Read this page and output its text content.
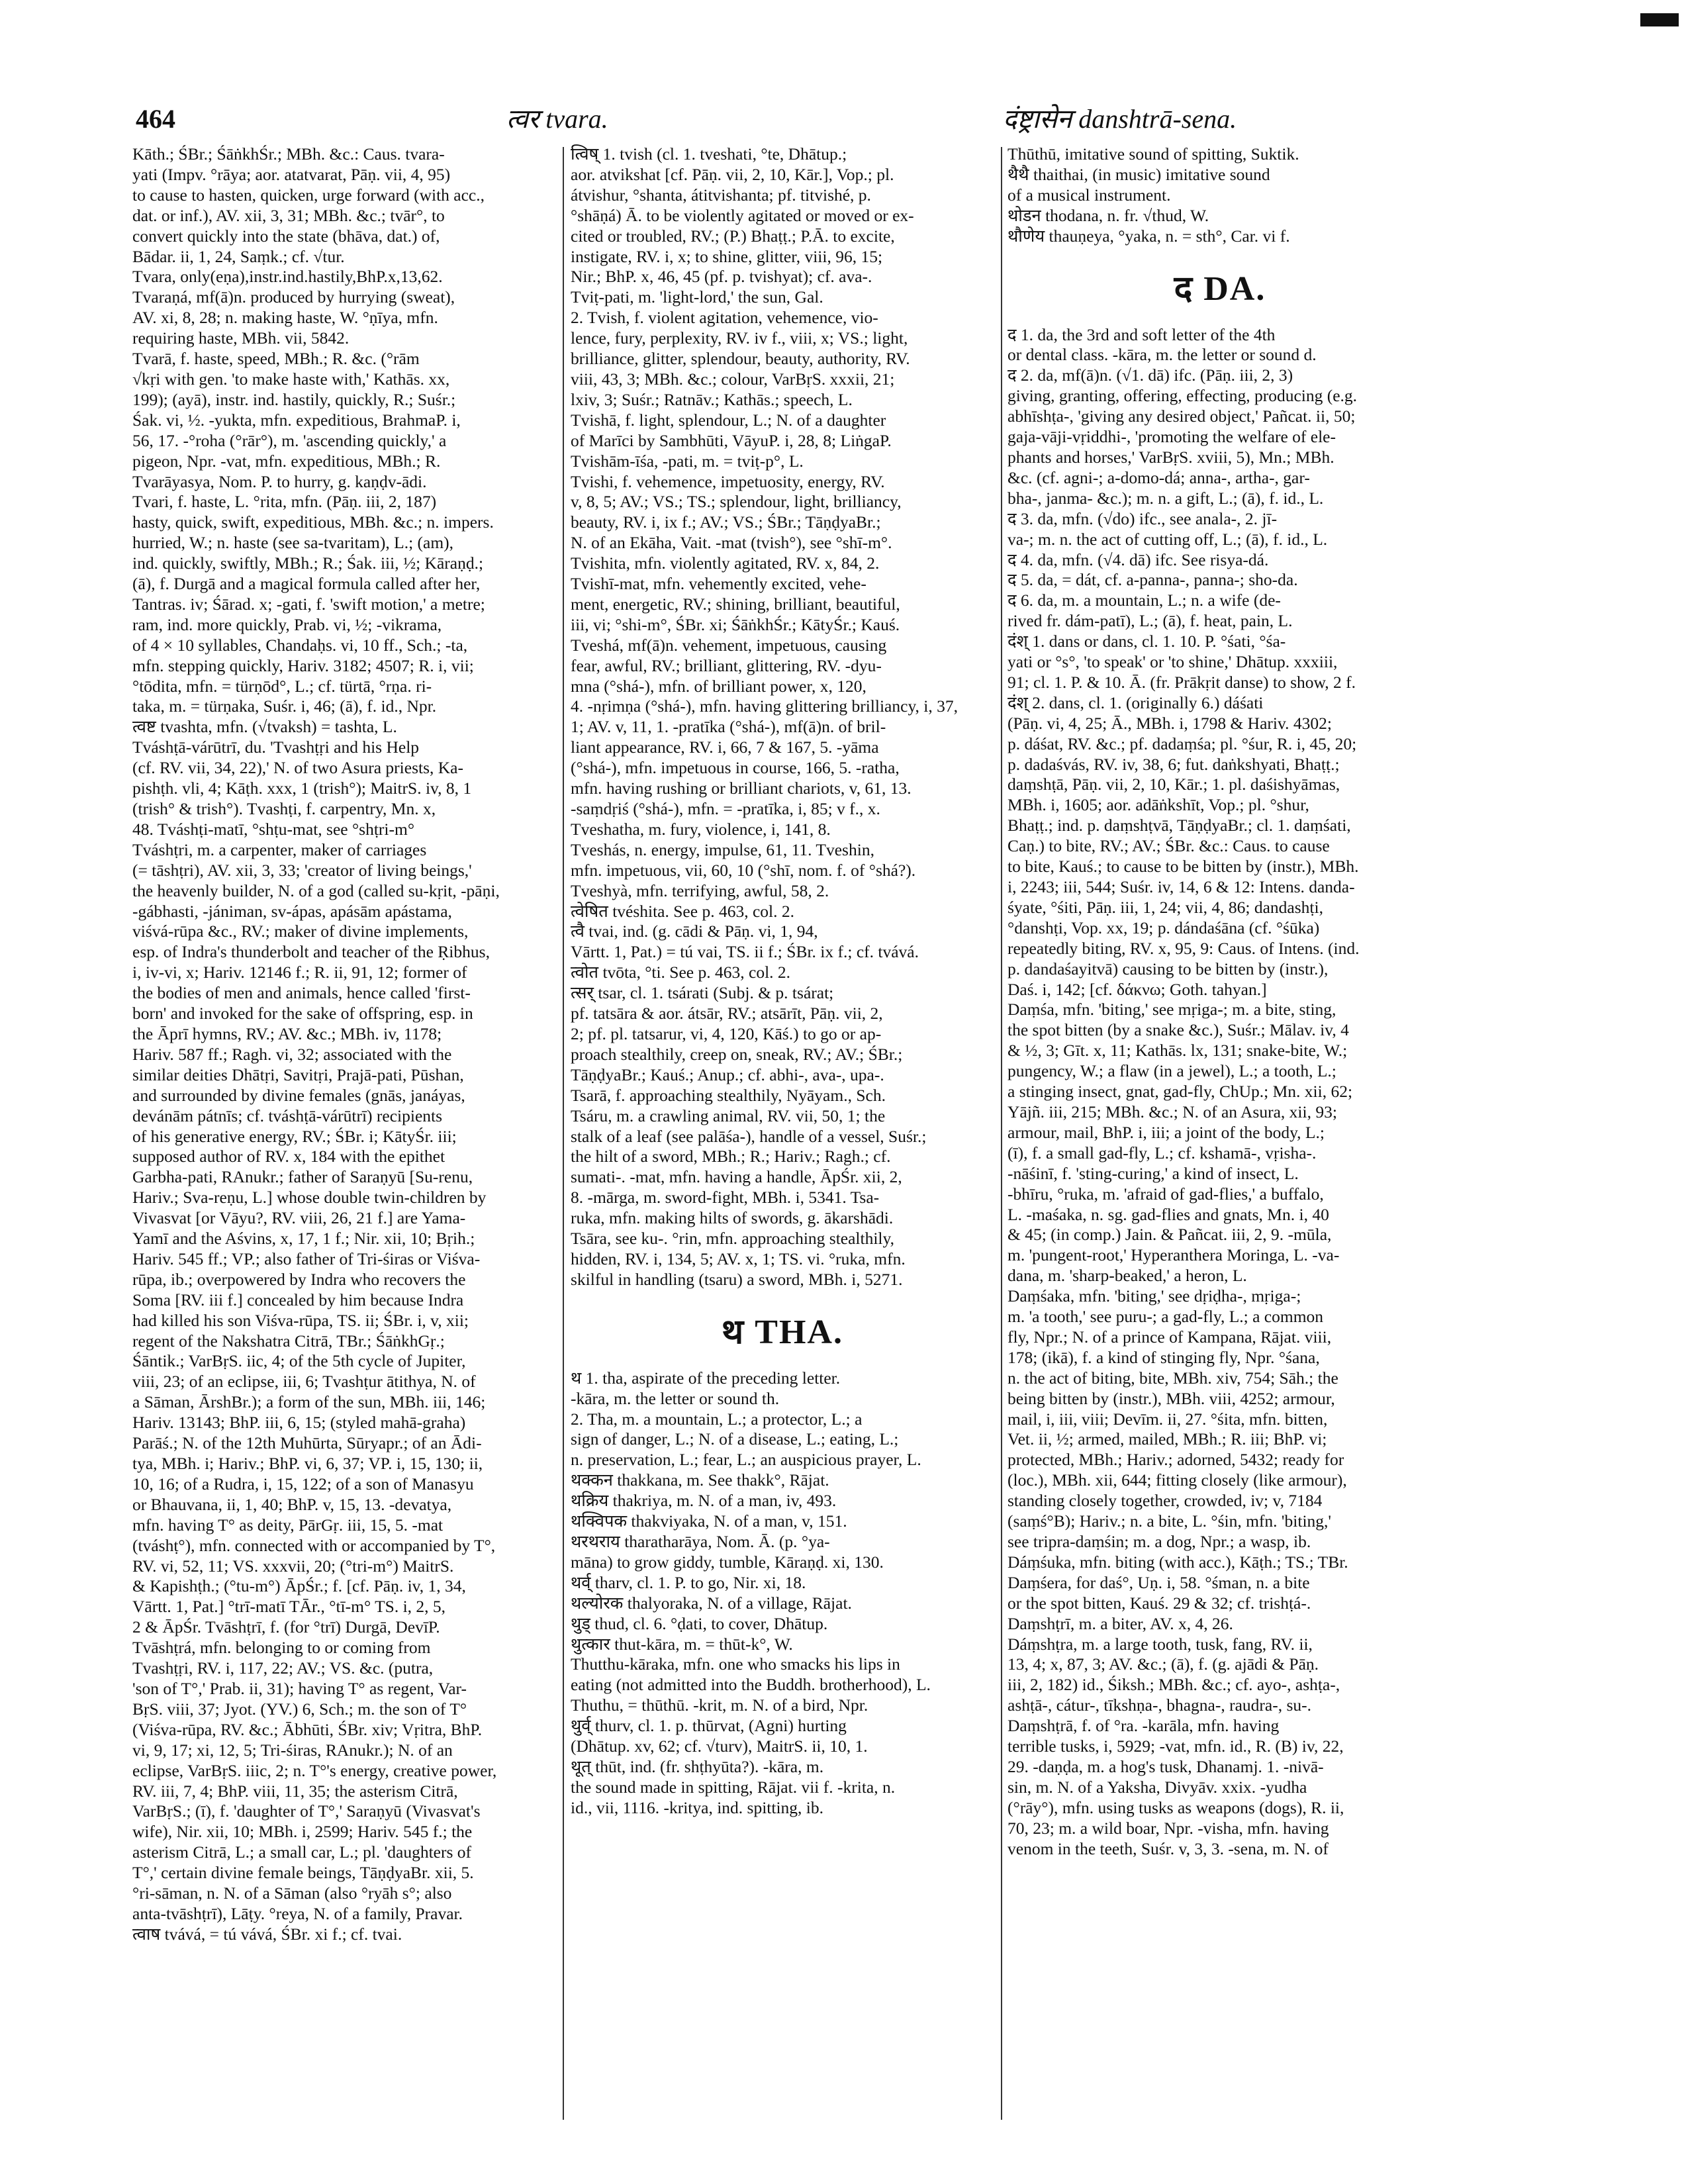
464	त्वर tvara.	दंष्ट्रासेन danshtrā-sena.
Kāth.; ŚBr.; ŚāṅkhŚr.; MBh. &c.: Caus. tvara-
yati (Impv. °rāya; aor. atatvarat, Pāṇ. vii, 4, 95)
to cause to hasten, quicken, urge forward (with acc.,
dat. or inf.), AV. xii, 3, 31; MBh. &c.; tvār°, to
convert quickly into the state (bhāva, dat.) of,
Bādar. ii, 1, 24, Saṃk.; cf. √tur.
Tvara, only(eṇa),instr.ind.hastily,BhP.x,13,62.
Tvaraṇá, mf(ā)n. produced by hurrying (sweat),
AV. xi, 8, 28; n. making haste, W. °ṇīya, mfn.
requiring haste, MBh. vii, 5842.
Tvarā, f. haste, speed, MBh.; R. &c. (°rām
√kṛi with gen. 'to make haste with,' Kathās. xx,
199); (ayā), instr. ind. hastily, quickly, R.; Suśr.;
Śak. vi, ½. -yukta, mfn. expeditious, BrahmaP. i,
56, 17. -°roha (°rār°), m. 'ascending quickly,' a
pigeon, Npr. -vat, mfn. expeditious, MBh.; R.
Tvarāyasya, Nom. P. to hurry, g. kaṇḍv-ādi.
Tvari, f. haste, L. °rita, mfn. (Pāṇ. iii, 2, 187)
hasty, quick, swift, expeditious, MBh. &c.; n. impers.
hurried, W.; n. haste (see sa-tvaritam), L.; (am),
ind. quickly, swiftly, MBh.; R.; Śak. iii, ½; Kāraṇḍ.;
(ā), f. Durgā and a magical formula called after her,
Tantras. iv; Śārad. x; -gati, f. 'swift motion,' a metre;
ram, ind. more quickly, Prab. vi, ½; -vikrama,
of 4 × 10 syllables, Chandaḥs. vi, 10 ff., Sch.; -ta,
mfn. stepping quickly, Hariv. 3182; 4507; R. i, vii;
°tōdita, mfn. = türṇōd°, L.; cf. türtā, °rṇa. ri-
taka, m. = türṇaka, Suśr. i, 46; (ā), f. id., Npr.
त्वष्ट tvashta, mfn. (√tvaksh) = tashta, L.
Tváshṭā-várūtrī, du. 'Tvashṭṛi and his Help
(cf. RV. vii, 34, 22),' N. of two Asura priests, Ka-
pishṭh. vli, 4; Kāṭh. xxx, 1 (trish°); MaitrS. iv, 8, 1
(trish° & trish°). Tvashṭi, f. carpentry, Mn. x,
48. Tváshṭi-matī, °shṭu-mat, see °shṭri-m°
Tváshṭri, m. a carpenter, maker of carriages
(= tāshṭri), AV. xii, 3, 33; 'creator of living beings,'
the heavenly builder, N. of a god (called su-kṛit, -pāṇi,
-gábhasti, -jániman, sv-ápas, apásām apástama,
viśvá-rūpa &c., RV.; maker of divine implements,
esp. of Indra's thunderbolt and teacher of the Ṛibhus,
i, iv-vi, x; Hariv. 12146 f.; R. ii, 91, 12; former of
the bodies of men and animals, hence called 'first-
born' and invoked for the sake of offspring, esp. in
the Āprī hymns, RV.; AV. &c.; MBh. iv, 1178;
Hariv. 587 ff.; Ragh. vi, 32; associated with the
similar deities Dhātṛi, Savitṛi, Prajā-pati, Pūshan,
and surrounded by divine females (gnās, janáyas,
devánām pátnīs; cf. tváshṭā-várūtrī) recipients
of his generative energy, RV.; ŚBr. i; KātyŚr. iii;
supposed author of RV. x, 184 with the epithet
Garbha-pati, RAnukr.; father of Saraṇyū [Su-renu,
Hariv.; Sva-reṇu, L.] whose double twin-children by
Vivasvat [or Vāyu?, RV. viii, 26, 21 f.] are Yama-
Yamī and the Aśvins, x, 17, 1 f.; Nir. xii, 10; Bṛih.;
Hariv. 545 ff.; VP.; also father of Tri-śiras or Viśva-
rūpa, ib.; overpowered by Indra who recovers the
Soma [RV. iii f.] concealed by him because Indra
had killed his son Viśva-rūpa, TS. ii; ŚBr. i, v, xii;
regent of the Nakshatra Citrā, TBr.; ŚāṅkhGṛ.;
Śāntik.; VarBṛS. iic, 4; of the 5th cycle of Jupiter,
viii, 23; of an eclipse, iii, 6; Tvashṭur ātithya, N. of
a Sāman, ĀrshBr.); a form of the sun, MBh. iii, 146;
Hariv. 13143; BhP. iii, 6, 15; (styled mahā-graha)
Parāś.; N. of the 12th Muhūrta, Sūryapr.; of an Ādi-
tya, MBh. i; Hariv.; BhP. vi, 6, 37; VP. i, 15, 130; ii,
10, 16; of a Rudra, i, 15, 122; of a son of Manasyu
or Bhauvana, ii, 1, 40; BhP. v, 15, 13. -devatya,
mfn. having T° as deity, PārGṛ. iii, 15, 5. -mat
(tváshṭ°), mfn. connected with or accompanied by T°,
RV. vi, 52, 11; VS. xxxvii, 20; (°tri-m°) MaitrS.
& Kapishṭh.; (°tu-m°) ĀpŚr.; f. [cf. Pāṇ. iv, 1, 34,
Vārtt. 1, Pat.] °trī-matī TĀr., °tī-m° TS. i, 2, 5,
2 & ĀpŚr. Tvāshṭrī, f. (for °trī) Durgā, DevīP.
Tvāshṭrá, mfn. belonging to or coming from
Tvashṭṛi, RV. i, 117, 22; AV.; VS. &c. (putra,
'son of T°,' Prab. ii, 31); having T° as regent, Var-
BṛS. viii, 37; Jyot. (YV.) 6, Sch.; m. the son of T°
(Viśva-rūpa, RV. &c.; Ābhūti, ŚBr. xiv; Vṛitra, BhP.
vi, 9, 17; xi, 12, 5; Tri-śiras, RAnukr.); N. of an
eclipse, VarBṛS. iiic, 2; n. T°'s energy, creative power,
RV. iii, 7, 4; BhP. viii, 11, 35; the asterism Citrā,
VarBṛS.; (ī), f. 'daughter of T°,' Saraṇyū (Vivasvat's
wife), Nir. xii, 10; MBh. i, 2599; Hariv. 545 f.; the
asterism Citrā, L.; a small car, L.; pl. 'daughters of
T°,' certain divine female beings, TāṇḍyaBr. xii, 5.
°ri-sāman, n. N. of a Sāman (also °ryāh s°; also
anta-tvāshṭrī), Lāṭy. °reya, N. of a family, Pravar.
त्वाष tvává, = tú vává, ŚBr. xi f.; cf. tvai.
त्विष् 1. tvish (cl. 1. tveshati, °te, Dhātup.;
aor. atvikshat [cf. Pāṇ. vii, 2, 10, Kār.], Vop.; pl.
átvishur, °shanta, átitvishanta; pf. titvishé, p.
°shāṇá) Ā. to be violently agitated or moved or ex-
cited or troubled, RV.; (P.) Bhaṭṭ.; P.Ā. to excite,
instigate, RV. i, x; to shine, glitter, viii, 96, 15;
Nir.; BhP. x, 46, 45 (pf. p. tvishyat); cf. ava-.
Tviṭ-pati, m. 'light-lord,' the sun, Gal.
2. Tvish, f. violent agitation, vehemence, vio-
lence, fury, perplexity, RV. iv f., viii, x; VS.; light,
brilliance, glitter, splendour, beauty, authority, RV.
viii, 43, 3; MBh. &c.; colour, VarBṛS. xxxii, 21;
lxiv, 3; Suśr.; Ratnāv.; Kathās.; speech, L.
Tvishā, f. light, splendour, L.; N. of a daughter
of Marīci by Sambhūti, VāyuP. i, 28, 8; LiṅgaP.
Tvishām-īśa, -pati, m. = tviṭ-p°, L.
Tvishi, f. vehemence, impetuosity, energy, RV.
v, 8, 5; AV.; VS.; TS.; splendour, light, brilliancy,
beauty, RV. i, ix f.; AV.; VS.; ŚBr.; TāṇḍyaBr.;
N. of an Ekāha, Vait. -mat (tvish°), see °shī-m°.
Tvishita, mfn. violently agitated, RV. x, 84, 2.
Tvishī-mat, mfn. vehemently excited, vehe-
ment, energetic, RV.; shining, brilliant, beautiful,
iii, vi; °shi-m°, ŚBr. xi; ŚāṅkhŚr.; KātyŚr.; Kauś.
Tveshá, mf(ā)n. vehement, impetuous, causing
fear, awful, RV.; brilliant, glittering, RV. -dyu-
mna (°shá-), mfn. of brilliant power, x, 120,
4. -nṛimṇa (°shá-), mfn. having glittering brilliancy, i, 37,
1; AV. v, 11, 1. -pratīka (°shá-), mf(ā)n. of bril-
liant appearance, RV. i, 66, 7 & 167, 5. -yāma
(°shá-), mfn. impetuous in course, 166, 5. -ratha,
mfn. having rushing or brilliant chariots, v, 61, 13.
-saṃdṛiś (°shá-), mfn. = -pratīka, i, 85; v f., x.
Tveshatha, m. fury, violence, i, 141, 8.
Tveshás, n. energy, impulse, 61, 11. Tveshin,
mfn. impetuous, vii, 60, 10 (°shī, nom. f. of °shá?).
Tveshyà, mfn. terrifying, awful, 58, 2.
त्वेषित tvéshita. See p. 463, col. 2.
त्वै tvai, ind. (g. cādi & Pāṇ. vi, 1, 94,
Vārtt. 1, Pat.) = tú vai, TS. ii f.; ŚBr. ix f.; cf. tvává.
त्वोत tvōta, °ti. See p. 463, col. 2.
त्सर् tsar, cl. 1. tsárati (Subj. & p. tsárat;
pf. tatsāra & aor. átsār, RV.; atsārīt, Pāṇ. vii, 2,
2; pf. pl. tatsarur, vi, 4, 120, Kāś.) to go or ap-
proach stealthily, creep on, sneak, RV.; AV.; ŚBr.;
TāṇḍyaBr.; Kauś.; Anup.; cf. abhi-, ava-, upa-.
Tsarā, f. approaching stealthily, Nyāyam., Sch.
Tsáru, m. a crawling animal, RV. vii, 50, 1; the
stalk of a leaf (see palāśa-), handle of a vessel, Suśr.;
the hilt of a sword, MBh.; R.; Hariv.; Ragh.; cf.
sumati-. -mat, mfn. having a handle, ĀpŚr. xii, 2,
8. -mārga, m. sword-fight, MBh. i, 5341. Tsa-
ruka, mfn. making hilts of swords, g. ākarshādi.
Tsāra, see ku-. °rin, mfn. approaching stealthily,
hidden, RV. i, 134, 5; AV. x, 1; TS. vi. °ruka, mfn.
skilful in handling (tsaru) a sword, MBh. i, 5271.
थ THA.
थ 1. tha, aspirate of the preceding letter.
-kāra, m. the letter or sound th.
2. Tha, m. a mountain, L.; a protector, L.; a
sign of danger, L.; N. of a disease, L.; eating, L.;
n. preservation, L.; fear, L.; an auspicious prayer, L.
थक्कन thakkana, m. See thakk°, Rājat.
थक्रिय thakriya, m. N. of a man, iv, 493.
थक्विपक thakviyaka, N. of a man, v, 151.
थरथराय tharatharāya, Nom. Ā. (p. °ya-
māna) to grow giddy, tumble, Kāraṇḍ. xi, 130.
थर्व् tharv, cl. 1. P. to go, Nir. xi, 18.
थल्योरक thalyoraka, N. of a village, Rājat.
थुड् thud, cl. 6. °ḍati, to cover, Dhātup.
थुत्कार thut-kāra, m. = thūt-k°, W.
Thutthu-kāraka, mfn. one who smacks his lips in
eating (not admitted into the Buddh. brotherhood), L.
Thuthu, = thūthū. -krit, m. N. of a bird, Npr.
थुर्व् thurv, cl. 1. p. thūrvat, (Agni) hurting
(Dhātup. xv, 62; cf. √turv), MaitrS. ii, 10, 1.
थूत् thūt, ind. (fr. shṭhyūta?). -kāra, m.
the sound made in spitting, Rājat. vii f. -krita, n.
id., vii, 1116. -kritya, ind. spitting, ib.
Thūthū, imitative sound of spitting, Suktik.
थैथै thaithai, (in music) imitative sound
of a musical instrument.
थोडन thodana, n. fr. √thud, W.
थौणेय thauṇeya, °yaka, n. = sth°, Car. vi f.
द DA.
द 1. da, the 3rd and soft letter of the 4th
or dental class. -kāra, m. the letter or sound d.
द 2. da, mf(ā)n. (√1. dā) ifc. (Pāṇ. iii, 2, 3)
giving, granting, offering, effecting, producing (e.g.
abhīshṭa-, 'giving any desired object,' Pañcat. ii, 50;
gaja-vāji-vṛiddhi-, 'promoting the welfare of ele-
phants and horses,' VarBṛS. xviii, 5), Mn.; MBh.
&c. (cf. agni-; a-domo-dá; anna-, artha-, gar-
bha-, janma- &c.); m. n. a gift, L.; (ā), f. id., L.
द 3. da, mfn. (√do) ifc., see anala-, 2. jī-
va-; m. n. the act of cutting off, L.; (ā), f. id., L.
द 4. da, mfn. (√4. dā) ifc. See risya-dá.
द 5. da, = dát, cf. a-panna-, panna-; sho-da.
द 6. da, m. a mountain, L.; n. a wife (de-
rived fr. dám-patī), L.; (ā), f. heat, pain, L.
दंश् 1. dans or dans, cl. 1. 10. P. °śati, °śa-
yati or °s°, 'to speak' or 'to shine,' Dhātup. xxxiii,
91; cl. 1. P. & 10. Ā. (fr. Prākṛit danse) to show, 2 f.
दंश् 2. dans, cl. 1. (originally 6.) dáśati
(Pāṇ. vi, 4, 25; Ā., MBh. i, 1798 & Hariv. 4302;
p. dáśat, RV. &c.; pf. dadaṃśa; pl. °śur, R. i, 45, 20;
p. dadaśvás, RV. iv, 38, 6; fut. daṅkshyati, Bhaṭṭ.;
daṃshṭā, Pāṇ. vii, 2, 10, Kār.; 1. pl. daśishyāmas,
MBh. i, 1605; aor. adāṅkshīt, Vop.; pl. °shur,
Bhaṭṭ.; ind. p. daṃshṭvā, TāṇḍyaBr.; cl. 1. daṃśati,
Caṇ.) to bite, RV.; AV.; ŚBr. &c.: Caus. to cause
to bite, Kauś.; to cause to be bitten by (instr.), MBh.
i, 2243; iii, 544; Suśr. iv, 14, 6 & 12: Intens. danda-
śyate, °śiti, Pāṇ. iii, 1, 24; vii, 4, 86; dandashṭi,
°danshṭi, Vop. xx, 19; p. dándaśāna (cf. °śūka)
repeatedly biting, RV. x, 95, 9: Caus. of Intens. (ind.
p. dandaśayitvā) causing to be bitten by (instr.),
Daś. i, 142; [cf. δάκνω; Goth. tahyan.]
Daṃśa, mfn. 'biting,' see mṛiga-; m. a bite, sting,
the spot bitten (by a snake &c.), Suśr.; Mālav. iv, 4
& ½, 3; Gīt. x, 11; Kathās. lx, 131; snake-bite, W.;
pungency, W.; a flaw (in a jewel), L.; a tooth, L.;
a stinging insect, gnat, gad-fly, ChUp.; Mn. xii, 62;
Yājñ. iii, 215; MBh. &c.; N. of an Asura, xii, 93;
armour, mail, BhP. i, iii; a joint of the body, L.;
(ī), f. a small gad-fly, L.; cf. kshamā-, vṛisha-.
-nāśinī, f. 'sting-curing,' a kind of insect, L.
-bhīru, °ruka, m. 'afraid of gad-flies,' a buffalo,
L. -maśaka, n. sg. gad-flies and gnats, Mn. i, 40
& 45; (in comp.) Jain. & Pañcat. iii, 2, 9. -mūla,
m. 'pungent-root,' Hyperanthera Moringa, L. -va-
dana, m. 'sharp-beaked,' a heron, L.
Daṃśaka, mfn. 'biting,' see dṛiḍha-, mṛiga-;
m. 'a tooth,' see puru-; a gad-fly, L.; a common
fly, Npr.; N. of a prince of Kampana, Rājat. viii,
178; (ikā), f. a kind of stinging fly, Npr. °śana,
n. the act of biting, bite, MBh. xiv, 754; Sāh.; the
being bitten by (instr.), MBh. viii, 4252; armour,
mail, i, iii, viii; Devīm. ii, 27. °śita, mfn. bitten,
Vet. ii, ½; armed, mailed, MBh.; R. iii; BhP. vi;
protected, MBh.; Hariv.; adorned, 5432; ready for
(loc.), MBh. xii, 644; fitting closely (like armour),
standing closely together, crowded, iv; v, 7184
(saṃś°B); Hariv.; n. a bite, L. °śin, mfn. 'biting,'
see tripra-daṃśin; m. a dog, Npr.; a wasp, ib.
Dáṃśuka, mfn. biting (with acc.), Kāṭh.; TS.; TBr.
Daṃśera, for daś°, Uṇ. i, 58. °śman, n. a bite
or the spot bitten, Kauś. 29 & 32; cf. trishṭá-.
Daṃshṭrī, m. a biter, AV. x, 4, 26.
Dáṃshṭra, m. a large tooth, tusk, fang, RV. ii,
13, 4; x, 87, 3; AV. &c.; (ā), f. (g. ajādi & Pāṇ.
iii, 2, 182) id., Śiksh.; MBh. &c.; cf. ayo-, ashṭa-,
ashṭā-, cátur-, tīkshṇa-, bhagna-, raudra-, su-.
Daṃshṭrā, f. of °ra. -karāla, mfn. having
terrible tusks, i, 5929; -vat, mfn. id., R. (B) iv, 22,
29. -daṇḍa, m. a hog's tusk, Dhanamj. 1. -nivā-
sin, m. N. of a Yaksha, Divyāv. xxix. -yudha
(°rāy°), mfn. using tusks as weapons (dogs), R. ii,
70, 23; m. a wild boar, Npr. -visha, mfn. having
venom in the teeth, Suśr. v, 3, 3. -sena, m. N. of
